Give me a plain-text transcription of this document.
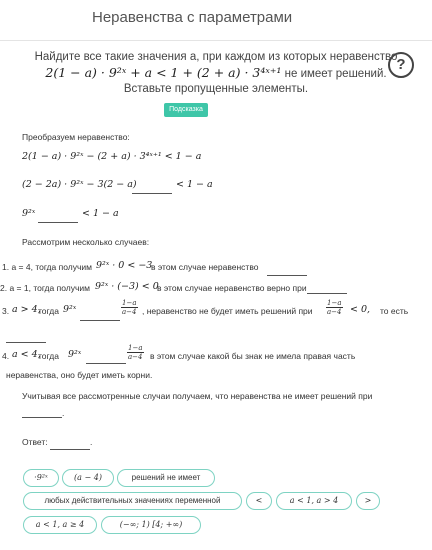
Неравенства с параметрами
?
Найдите все такие значения a, при каждом из которых неравенство
2(1 − a) · 9²ˣ + a < 1 + (2 + a) · 3⁴ˣ⁺¹ не имеет решений.
Вставьте пропущенные элементы.
Подсказка
Преобразуем неравенство:
2(1 − a) · 9²ˣ − (2 + a) · 3⁴ˣ⁺¹ < 1 − a
(2 − 2a) · 9²ˣ − 3(2 − a)	< 1 − a
9²ˣ	< 1 − a
Рассмотрим несколько случаев:
1. a = 4, тогда получим 9²ˣ · 0 < −3
в этом случае неравенство
2. a = 1, тогда получим 9²ˣ · (−3) < 0
в этом случае неравенство верно при
3. a > 4,
тогда 9²ˣ	$\frac{1-a}{a-4}$ , неравенство не будет иметь решений при $\frac{1-a}{a-4} < 0$, то есть
4. a < 4,
тогда 9²ˣ	$\frac{1-a}{a-4}$ в этом случае какой бы знак не имела правая часть
неравенства, оно будет иметь корни.
Учитывая все рассмотренные случаи получаем, что неравенства не имеет решений при
.
Ответ:	.
·9²ˣ	(a − 4)	решений не имеет
любых действительных значениях переменной	<	a < 1, a > 4	>
a < 1, a ≥ 4	(−∞; 1) [4; +∞)
